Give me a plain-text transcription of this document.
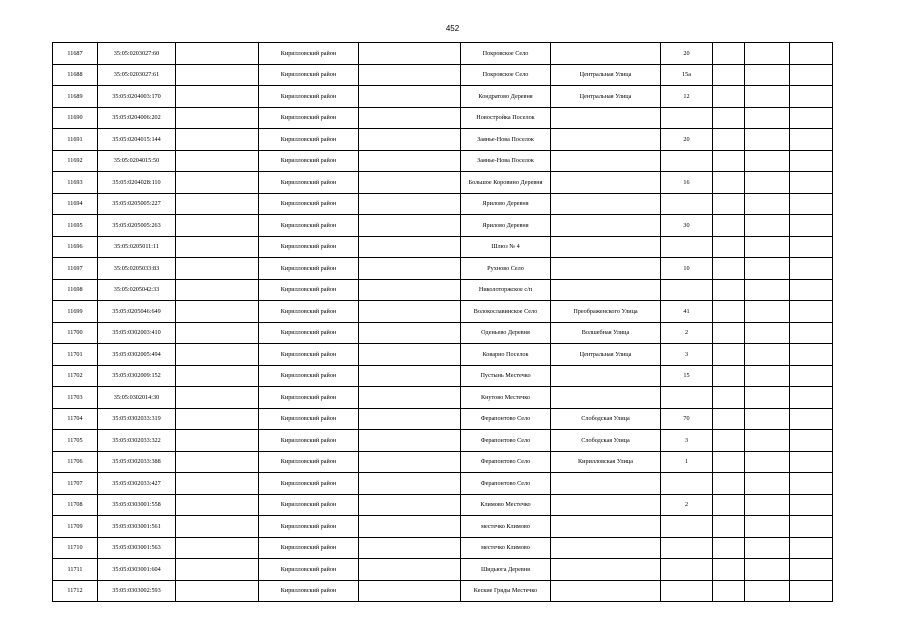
452
11687	35:05:0203027:60		Кирилловский район		Покровское Село		20			
11688	35:05:0203027:61		Кирилловский район		Покровское Село	Центральная Улица	15а			
11689	35:05:0204003:170		Кирилловский район		Кондратово Деревня	Центральная Улица	12			
11690	35:05:0204006:202		Кирилловский район		Новостройка Поселок					
11691	35:05:0204015:144		Кирилловский район		Заянье-Нова Поселок		20			
11692	35:05:0204015:50		Кирилловский район		Заянье-Нова Поселок					
11693	35:05:0204028:110		Кирилловский район		Большое Коровино Деревня		16			
11694	35:05:0205005:227		Кирилловский район		Ярилово Деревня					
11695	35:05:0205005:263		Кирилловский район		Ярилово Деревня		30			
11696	35:05:0205011:11		Кирилловский район		Шлюз № 4					
11697	35:05:0205033:83		Кирилловский район		Рухново Село		10			
11698	35:05:0205042:33		Кирилловский район		Николоторжское с/п					
11699	35:05:0205046:649		Кирилловский район		Волокославинское Село	Преображенского Улица	41			
11700	35:05:0302003:410		Кирилловский район		Оденьево Деревня	Волшебная Улица	2			
11701	35:05:0302005:494		Кирилловский район		Коварно Поселок	Центральная Улица	3			
11702	35:05:0302009:152		Кирилловский район		Пустынь Местечко		15			
11703	35:05:0302014:30		Кирилловский район		Кнутово Местечко					
11704	35:05:0302033:319		Кирилловский район		Ферапонтово Село	Слободская Улица	70			
11705	35:05:0302033:322		Кирилловский район		Ферапонтово Село	Слободская Улица	3			
11706	35:05:0302033:388		Кирилловский район		Ферапонтово Село	Кирилловская Улица	1			
11707	35:05:0302033:427		Кирилловский район		Ферапонтово Село					
11708	35:05:0303001:558		Кирилловский район		Климово Местечко		2			
11709	35:05:0303001:561		Кирилловский район		местечко Климово					
11710	35:05:0303001:563		Кирилловский район		местечко Климово					
11711	35:05:0303001:604		Кирилловский район		Шидьюга Деревня					
11712	35:05:0303002:593		Кирилловский район		Кеские Гряды Местечко					
